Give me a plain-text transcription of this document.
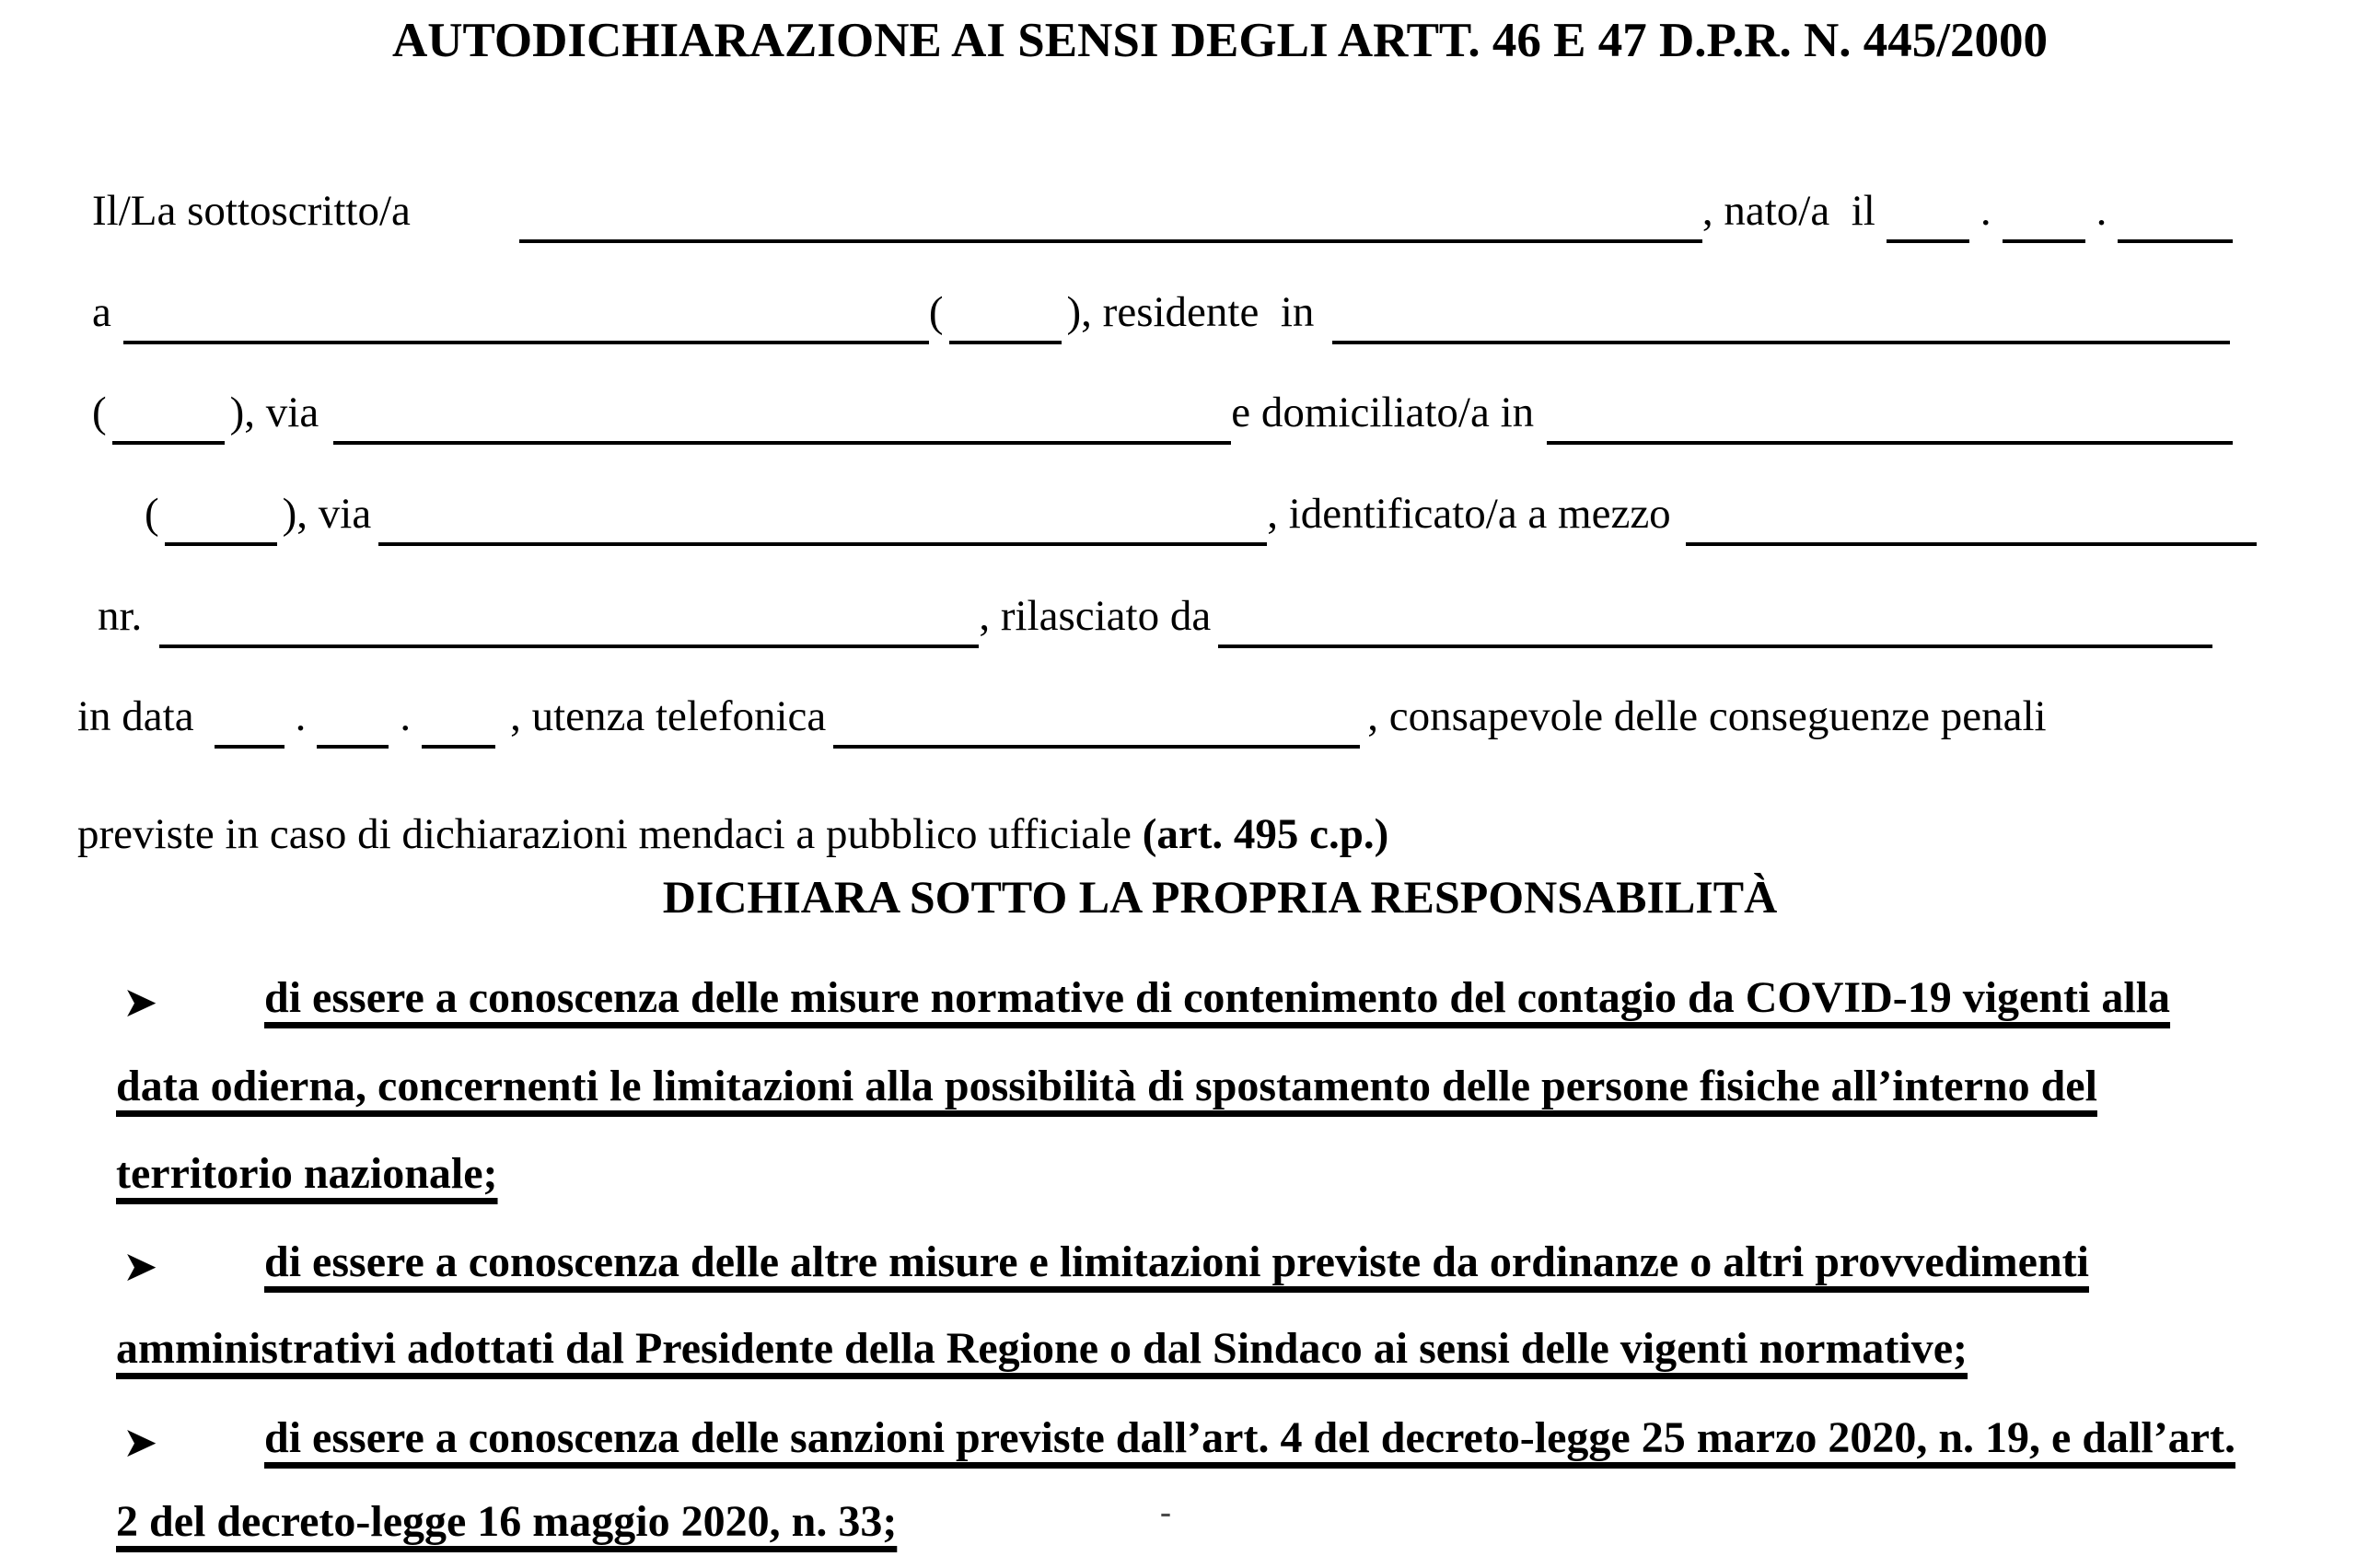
AUTODICHIARAZIONE AI SENSI DEGLI ARTT. 46 E 47 D.P.R. N. 445/2000
Il/La sottoscritto/a	, nato/a  il . .
a	(	), residente  in
(	), via	e domiciliato/a in
(	), via	, identificato/a a mezzo
nr.	, rilasciato da
in data . . , utenza telefonica	, consapevole delle conseguenze penali
previste in caso di dichiarazioni mendaci a pubblico ufficiale (art. 495 c.p.)
DICHIARA SOTTO LA PROPRIA RESPONSABILITÀ
➤ di essere a conoscenza delle misure normative di contenimento del contagio da COVID-19 vigenti alla
data odierna, concernenti le limitazioni alla possibilità di spostamento delle persone fisiche all’interno del
territorio nazionale;
➤ di essere a conoscenza delle altre misure e limitazioni previste da ordinanze o altri provvedimenti
amministrativi adottati dal Presidente della Regione o dal Sindaco ai sensi delle vigenti normative;
➤ di essere a conoscenza delle sanzioni previste dall’art. 4 del decreto-legge 25 marzo 2020, n. 19, e dall’art.
2 del decreto-legge 16 maggio 2020, n. 33;	-
